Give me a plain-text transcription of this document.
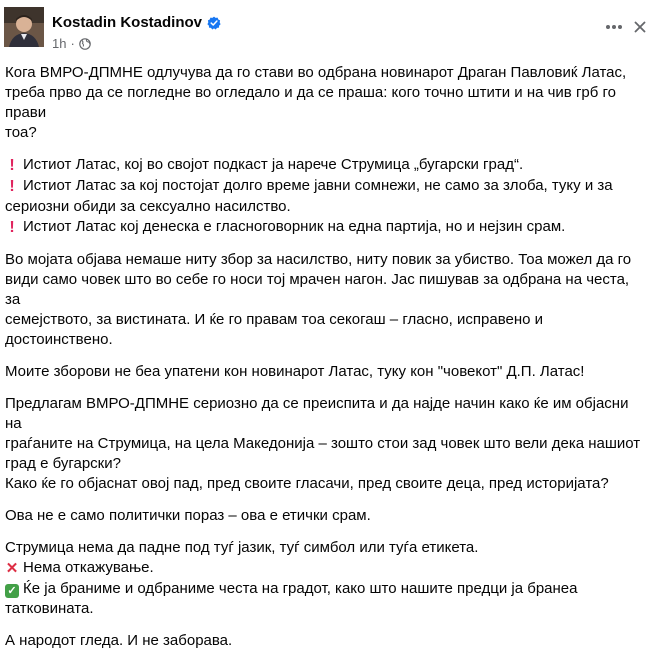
Kostadin Kostadinov
1h ·

Кога ВМРО-ДПМНЕ одлучува да го стави во одбрана новинарот Драган Павловиќ Латас,
треба прво да се погледне во огледало и да се праша: кого точно штити и на чив грб го прави
тоа?

! Истиот Латас, кој во својот подкаст ја нарече Струмица „бугарски град“.
! Истиот Латас за кој постојат долго време јавни сомнежи, не само за злоба, туку и за
сериозни обиди за сексуално насилство.
! Истиот Латас кој денеска е гласноговорник на една партија, но и нејзин срам.

Во мојата објава немаше ниту збор за насилство, ниту повик за убиство. Тоа можел да го
види само човек што во себе го носи тој мрачен нагон. Јас пишував за одбрана на честа, за
семејството, за вистината. И ќе го правам тоа секогаш – гласно, исправено и достоинствено.

Моите зборови не беа упатени кон новинарот Латас, туку кон "човекот" Д.П. Латас!

Предлагам ВМРО-ДПМНЕ сериозно да се преиспита и да најде начин како ќе им објасни на
граѓаните на Струмица, на цела Македонија – зошто стои зад човек што вели дека нашиот
град е бугарски?
Како ќе го објаснат овој пад, пред своите гласачи, пред своите деца, пред историјата?

Ова не е само политички пораз – ова е етички срам.

Струмица нема да падне под туѓ јазик, туѓ симбол или туѓа етикета.
✕ Нема откажување.
✓ Ќе ја браниме и одбраниме честа на градот, како што нашите предци ја бранеа
татковината.

А народот гледа. И не заборава.
